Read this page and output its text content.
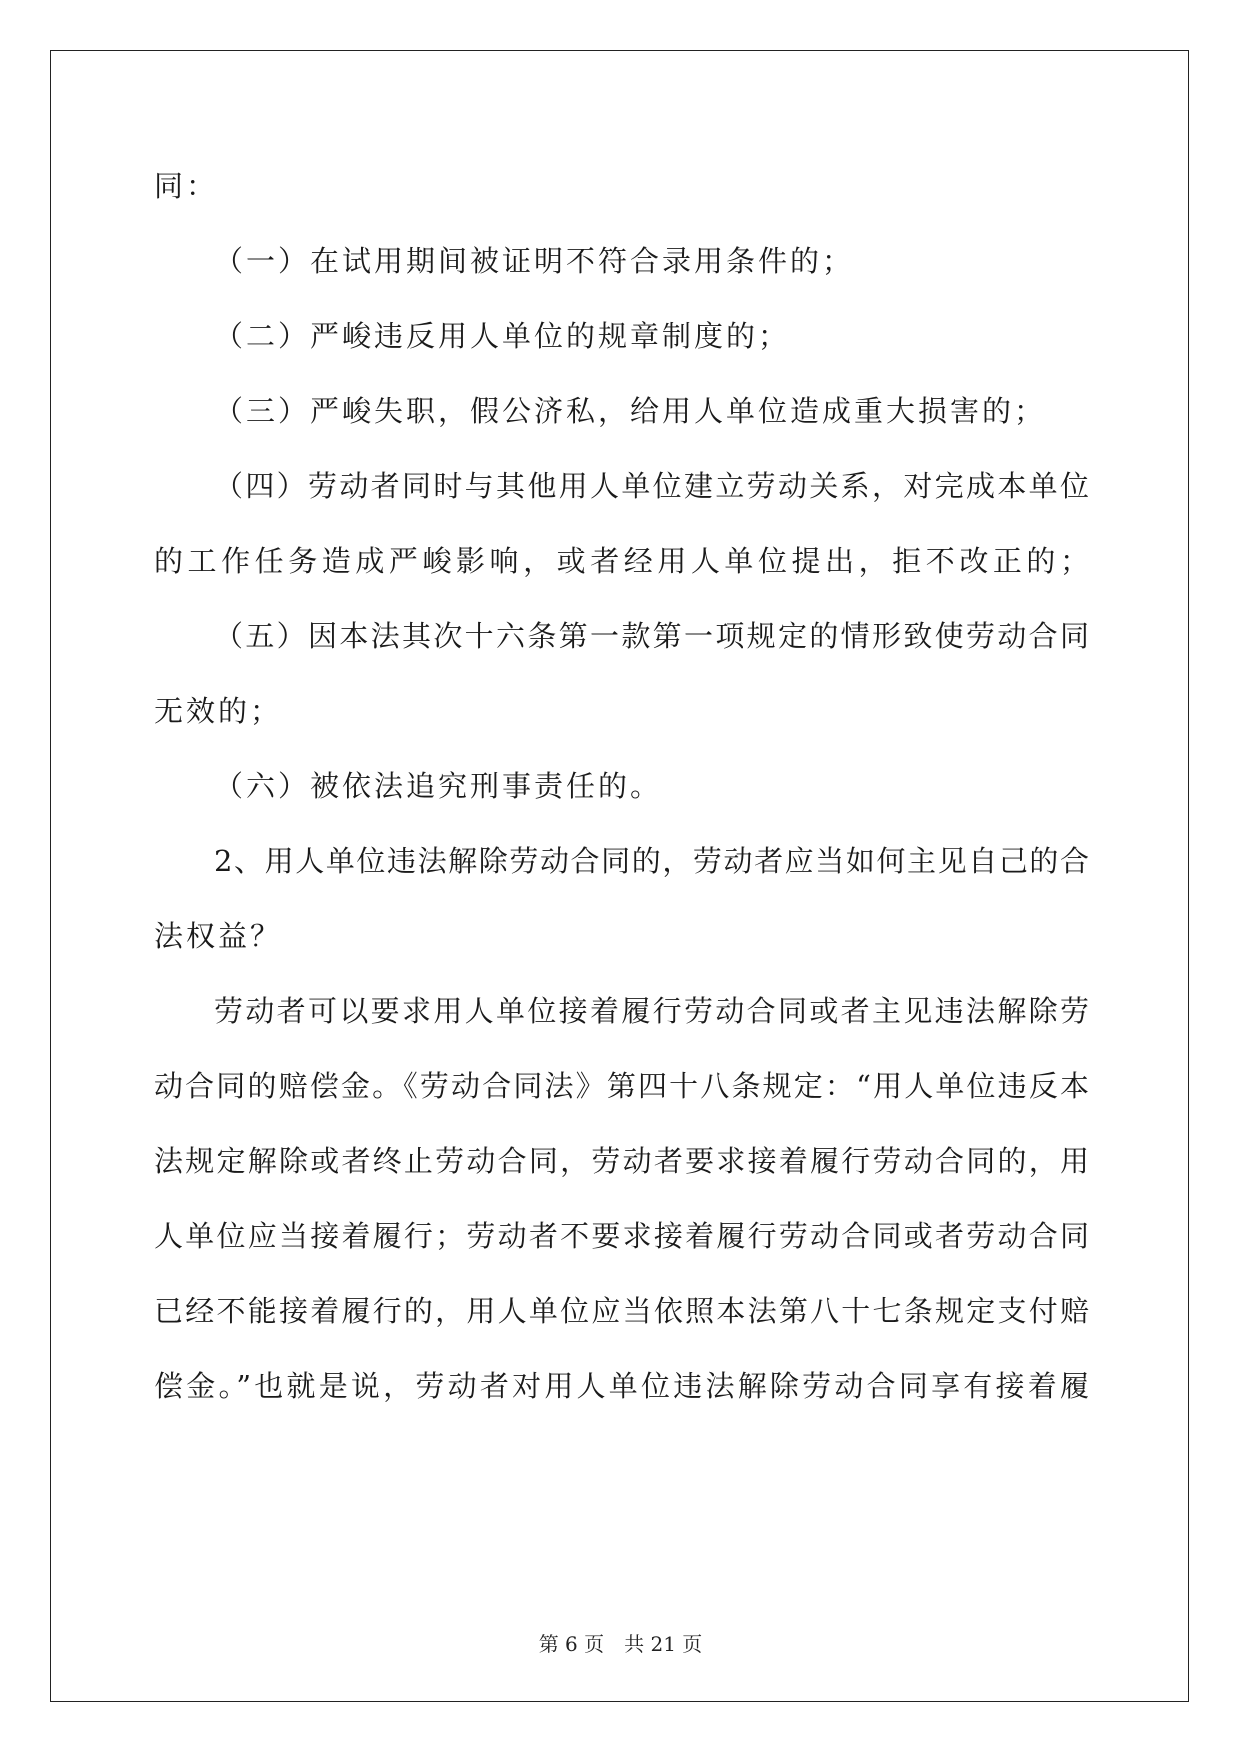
同：
（一）在试用期间被证明不符合录用条件的；
（二）严峻违反用人单位的规章制度的；
（三）严峻失职，假公济私，给用人单位造成重大损害的；
（四）劳动者同时与其他用人单位建立劳动关系，对完成本单位
的工作任务造成严峻影响，或者经用人单位提出，拒不改正的；
（五）因本法其次十六条第一款第一项规定的情形致使劳动合同
无效的；
（六）被依法追究刑事责任的。
2、用人单位违法解除劳动合同的，劳动者应当如何主见自己的合
法权益？
劳动者可以要求用人单位接着履行劳动合同或者主见违法解除劳
动合同的赔偿金。《劳动合同法》第四十八条规定：“用人单位违反本
法规定解除或者终止劳动合同，劳动者要求接着履行劳动合同的，用
人单位应当接着履行；劳动者不要求接着履行劳动合同或者劳动合同
已经不能接着履行的，用人单位应当依照本法第八十七条规定支付赔
偿金。”也就是说，劳动者对用人单位违法解除劳动合同享有接着履
第 6 页　共 21 页
